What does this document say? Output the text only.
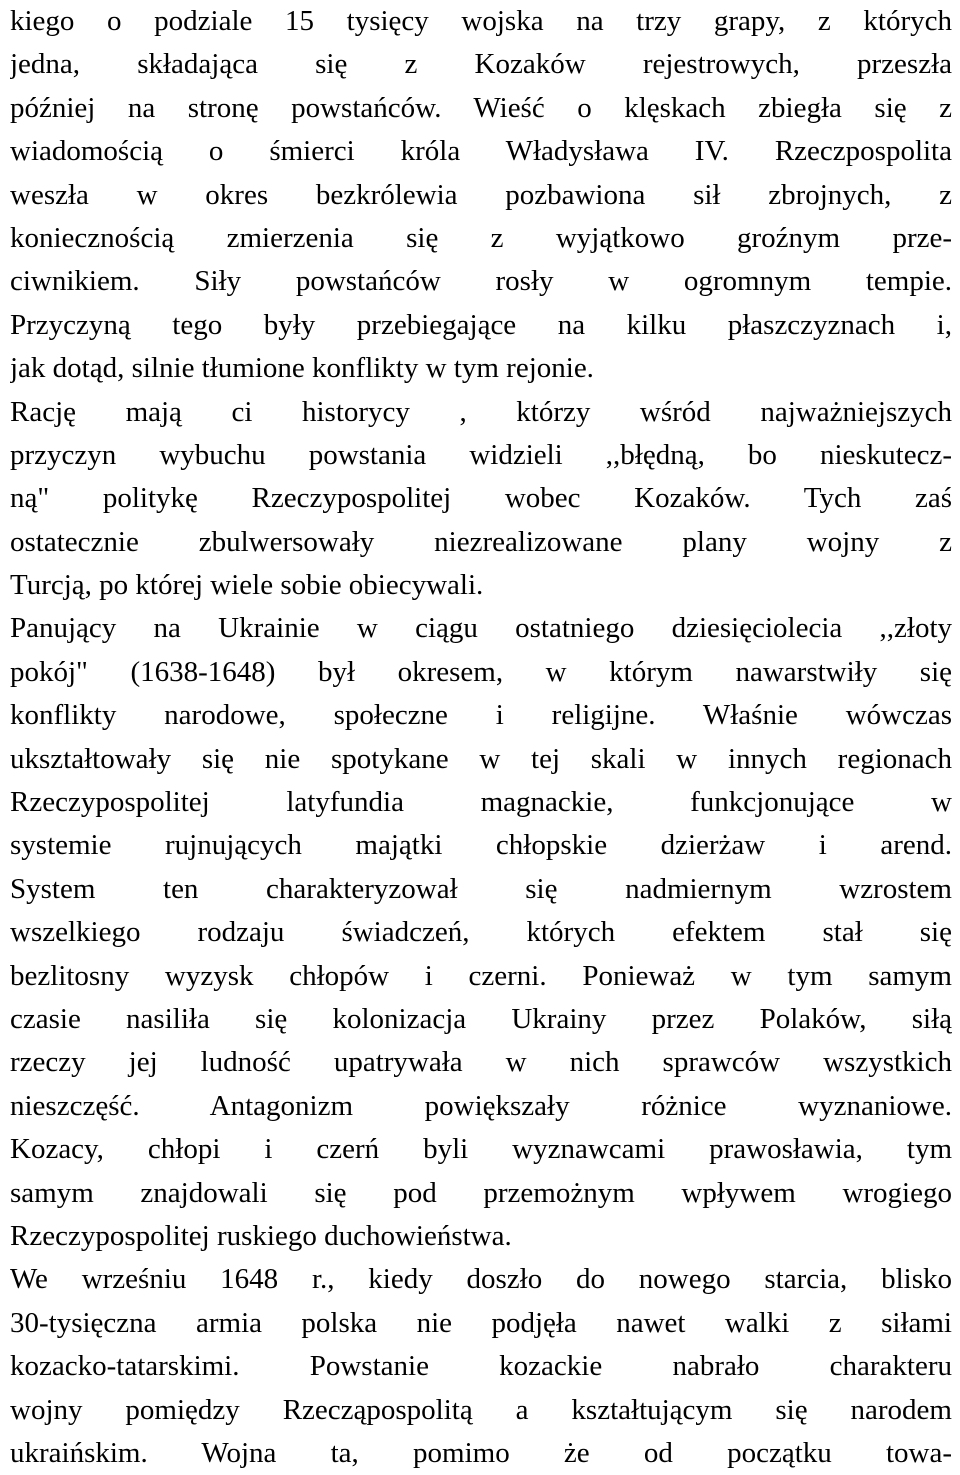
kiego o podziale 15 tysięcy wojska na trzy grapy, z których
jedna, składająca się z Kozaków rejestrowych, przeszła
później na stronę powstańców. Wieść o klęskach zbiegła się z
wiadomością o śmierci króla Władysława IV. Rzeczpospolita
weszła w okres bezkrólewia pozbawiona sił zbrojnych, z
koniecznością zmierzenia się z wyjątkowo groźnym prze-
ciwnikiem. Siły powstańców rosły w ogromnym tempie.
Przyczyną tego były przebiegające na kilku płaszczyznach i,
jak dotąd, silnie tłumione konflikty w tym rejonie.
Rację mają ci historycy , którzy wśród najważniejszych
przyczyn wybuchu powstania widzieli ,,błędną, bo nieskutecz-
ną" politykę Rzeczypospolitej wobec Kozaków. Tych zaś
ostatecznie zbulwersowały niezrealizowane plany wojny z
Turcją, po której wiele sobie obiecywali.
Panujący na Ukrainie w ciągu ostatniego dziesięciolecia ,,złoty
pokój" (1638-1648) był okresem, w którym nawarstwiły się
konflikty narodowe, społeczne i religijne. Właśnie wówczas
ukształtowały się nie spotykane w tej skali w innych regionach
Rzeczypospolitej latyfundia magnackie, funkcjonujące w
systemie rujnujących majątki chłopskie dzierżaw i arend.
System ten charakteryzował się nadmiernym wzrostem
wszelkiego rodzaju świadczeń, których efektem stał się
bezlitosny wyzysk chłopów i czerni. Ponieważ w tym samym
czasie nasiliła się kolonizacja Ukrainy przez Polaków, siłą
rzeczy jej ludność upatrywała w nich sprawców wszystkich
nieszczęść. Antagonizm powiększały różnice wyznaniowe.
Kozacy, chłopi i czerń byli wyznawcami prawosławia, tym
samym znajdowali się pod przemożnym wpływem wrogiego
Rzeczypospolitej ruskiego duchowieństwa.
We wrześniu 1648 r., kiedy doszło do nowego starcia, blisko
30-tysięczna armia polska nie podjęła nawet walki z siłami
kozacko-tatarskimi. Powstanie kozackie nabrało charakteru
wojny pomiędzy Rzecząpospolitą a kształtującym się narodem
ukraińskim. Wojna ta, pomimo że od początku towa-
